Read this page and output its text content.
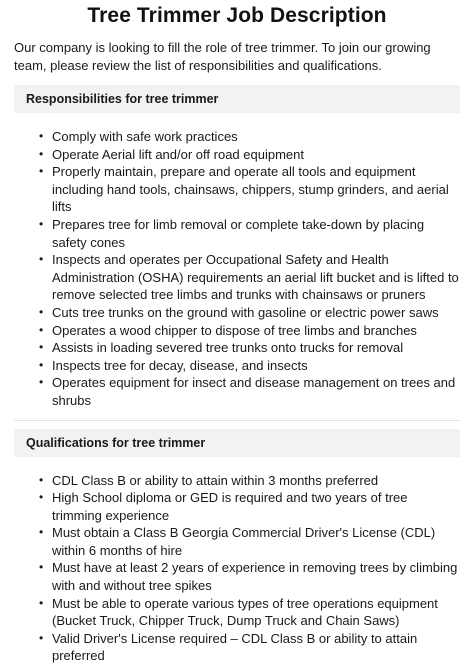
Tree Trimmer Job Description

Our company is looking to fill the role of tree trimmer. To join our growing team, please review the list of responsibilities and qualifications.

Responsibilities for tree trimmer
• Comply with safe work practices
• Operate Aerial lift and/or off road equipment
• Properly maintain, prepare and operate all tools and equipment including hand tools, chainsaws, chippers, stump grinders, and aerial lifts
• Prepares tree for limb removal or complete take-down by placing safety cones
• Inspects and operates per Occupational Safety and Health Administration (OSHA) requirements an aerial lift bucket and is lifted to remove selected tree limbs and trunks with chainsaws or pruners
• Cuts tree trunks on the ground with gasoline or electric power saws
• Operates a wood chipper to dispose of tree limbs and branches
• Assists in loading severed tree trunks onto trucks for removal
• Inspects tree for decay, disease, and insects
• Operates equipment for insect and disease management on trees and shrubs
Qualifications for tree trimmer
• CDL Class B or ability to attain within 3 months preferred
• High School diploma or GED is required and two years of tree trimming experience
• Must obtain a Class B Georgia Commercial Driver's License (CDL) within 6 months of hire
• Must have at least 2 years of experience in removing trees by climbing with and without tree spikes
• Must be able to operate various types of tree operations equipment (Bucket Truck, Chipper Truck, Dump Truck and Chain Saws)
• Valid Driver's License required – CDL Class B or ability to attain preferred
